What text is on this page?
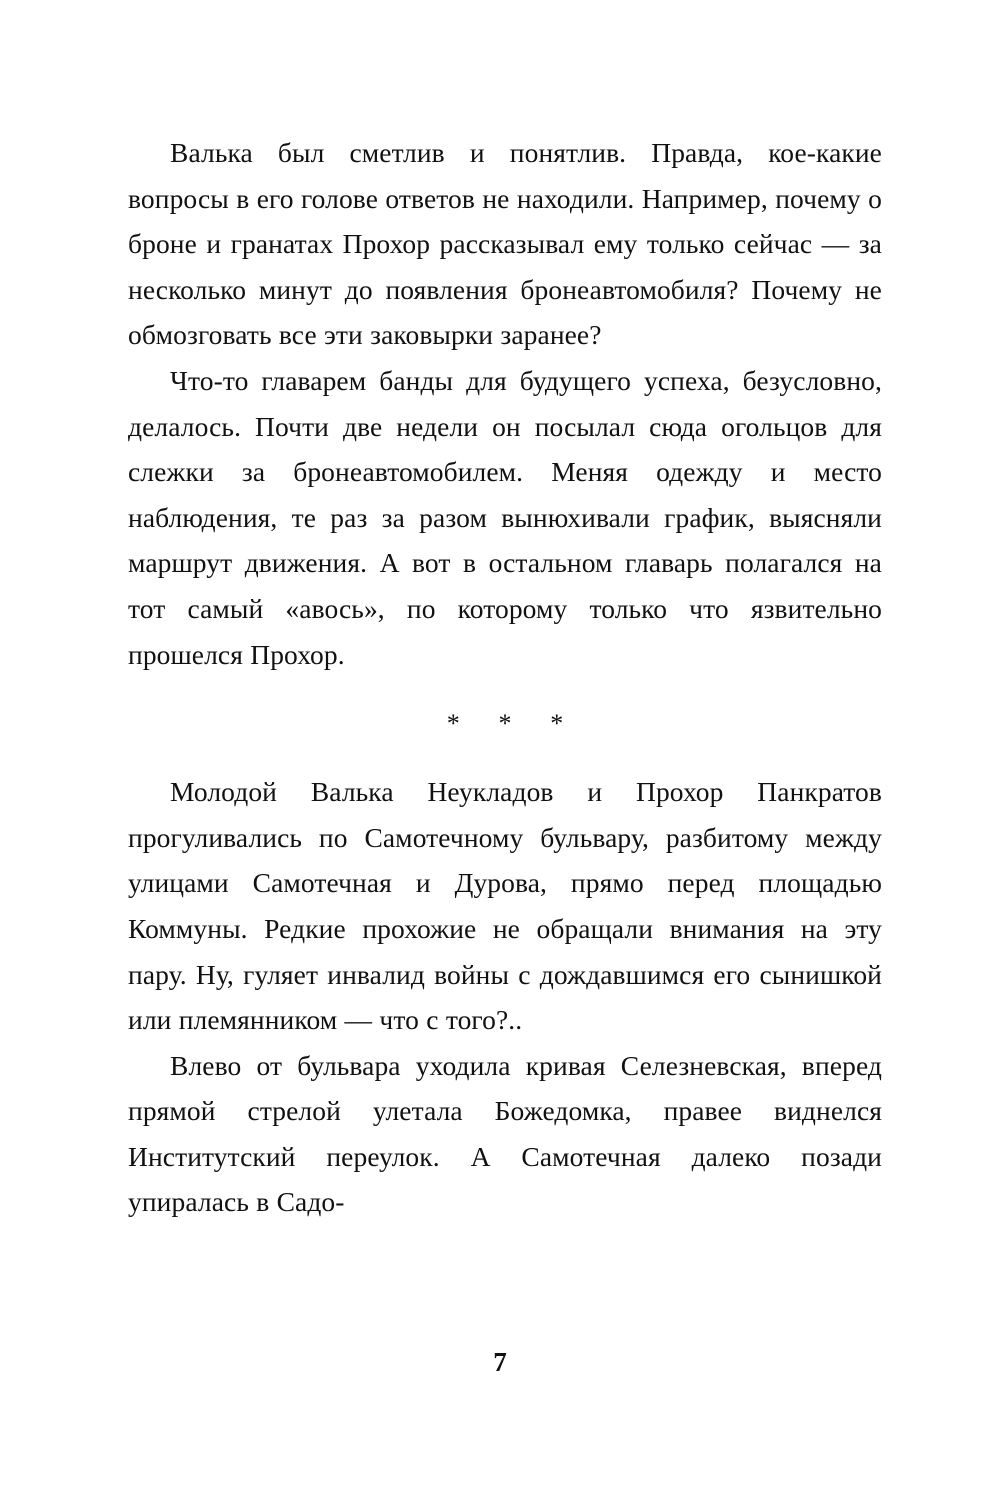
Валька был сметлив и понятлив. Правда, кое-какие вопросы в его голове ответов не находили. Например, почему о броне и гранатах Прохор рассказывал ему только сейчас — за несколько минут до появления бронеавтомобиля? Почему не обмозговать все эти заковырки заранее?

Что-то главарем банды для будущего успеха, безусловно, делалось. Почти две недели он посылал сюда огольцов для слежки за бронеавтомобилем. Меняя одежду и место наблюдения, те раз за разом вынюхивали график, выясняли маршрут движения. А вот в остальном главарь полагался на тот самый «авось», по которому только что язвительно прошелся Прохор.

* * *

Молодой Валька Неукладов и Прохор Панкратов прогуливались по Самотечному бульвару, разбитому между улицами Самотечная и Дурова, прямо перед площадью Коммуны. Редкие прохожие не обращали внимания на эту пару. Ну, гуляет инвалид войны с дождавшимся его сынишкой или племянником — что с того?..

Влево от бульвара уходила кривая Селезневская, вперед прямой стрелой улетала Божедомка, правее виднелся Институтский переулок. А Самотечная далеко позади упиралась в Садо-

7
